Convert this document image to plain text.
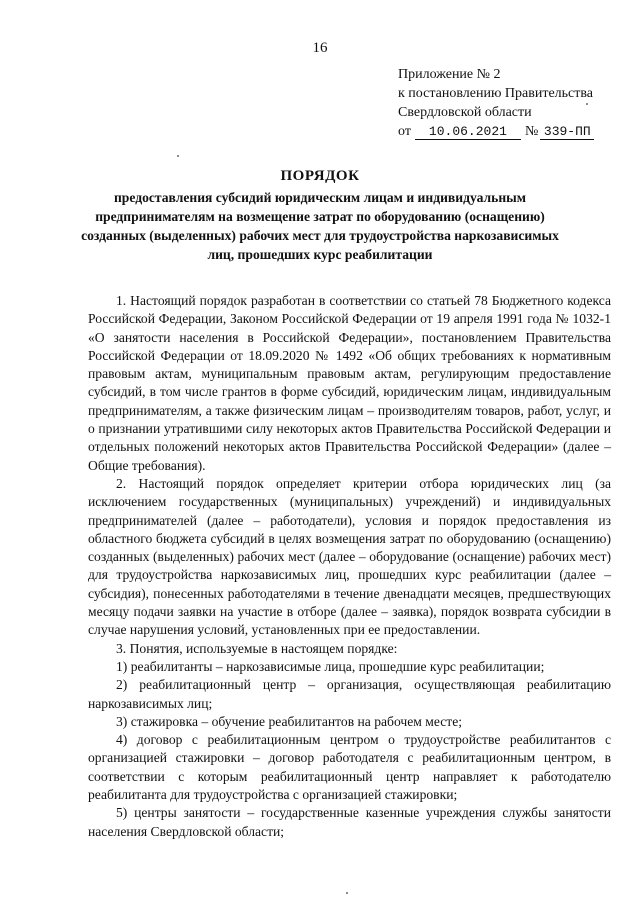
16
Приложение № 2
к постановлению Правительства
Свердловской области
от 10.06.2021 № 339-ПП
ПОРЯДОК
предоставления субсидий юридическим лицам и индивидуальным предпринимателям на возмещение затрат по оборудованию (оснащению) созданных (выделенных) рабочих мест для трудоустройства наркозависимых лиц, прошедших курс реабилитации

1. Настоящий порядок разработан в соответствии со статьей 78 Бюджетного кодекса Российской Федерации, Законом Российской Федерации от 19 апреля 1991 года № 1032-1 «О занятости населения в Российской Федерации», постановлением Правительства Российской Федерации от 18.09.2020 № 1492 «Об общих требованиях к нормативным правовым актам, муниципальным правовым актам, регулирующим предоставление субсидий, в том числе грантов в форме субсидий, юридическим лицам, индивидуальным предпринимателям, а также физическим лицам – производителям товаров, работ, услуг, и о признании утратившими силу некоторых актов Правительства Российской Федерации и отдельных положений некоторых актов Правительства Российской Федерации» (далее – Общие требования).

2. Настоящий порядок определяет критерии отбора юридических лиц (за исключением государственных (муниципальных) учреждений) и индивидуальных предпринимателей (далее – работодатели), условия и порядок предоставления из областного бюджета субсидий в целях возмещения затрат по оборудованию (оснащению) созданных (выделенных) рабочих мест (далее – оборудование (оснащение) рабочих мест) для трудоустройства наркозависимых лиц, прошедших курс реабилитации (далее – субсидия), понесенных работодателями в течение двенадцати месяцев, предшествующих месяцу подачи заявки на участие в отборе (далее – заявка), порядок возврата субсидии в случае нарушения условий, установленных при ее предоставлении.

3. Понятия, используемые в настоящем порядке:

1) реабилитанты – наркозависимые лица, прошедшие курс реабилитации;

2) реабилитационный центр – организация, осуществляющая реабилитацию наркозависимых лиц;

3) стажировка – обучение реабилитантов на рабочем месте;

4) договор с реабилитационным центром о трудоустройстве реабилитантов с организацией стажировки – договор работодателя с реабилитационным центром, в соответствии с которым реабилитационный центр направляет к работодателю реабилитанта для трудоустройства с организацией стажировки;

5) центры занятости – государственные казенные учреждения службы занятости населения Свердловской области;
